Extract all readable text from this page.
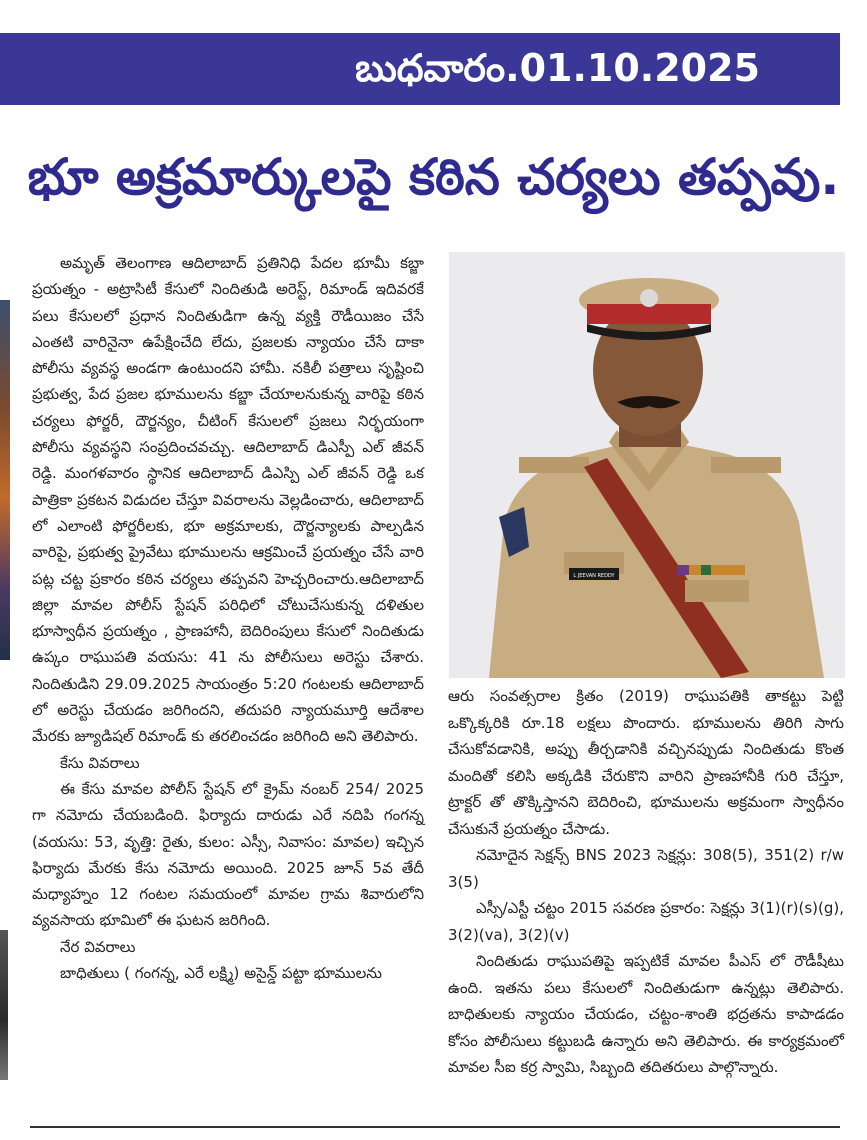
బుధవారం.01.10.2025
భూ అక్రమార్కులపై కఠిన చర్యలు తప్పవు.

అమృత్ తెలంగాణ ఆదిలాబాద్ ప్రతినిధి పేదల భూమీ కబ్జా ప్రయత్నం - అట్రాసిటీ కేసులో నిందితుడి అరెస్ట్, రిమాండ్ ఇదివరకే పలు కేసులలో ప్రధాన నిందితుడిగా ఉన్న వ్యక్తి రౌడీయిజం చేసే ఎంతటి వారినైనా ఉపేక్షించేది లేదు, ప్రజలకు న్యాయం చేసే దాకా పోలీసు వ్యవస్థ అండగా ఉంటుందని హామీ. నకిలీ పత్రాలు సృష్టించి ప్రభుత్వ, పేద ప్రజల భూములను కబ్జా చేయాలనుకున్న వారిపై కఠిన చర్యలు ఫోర్జరీ, దౌర్జన్యం, చీటింగ్ కేసులలో ప్రజలు నిర్భయంగా పోలీసు వ్యవస్థని సంప్రదించవచ్చు. ఆదిలాబాద్ డిఎస్పీ ఎల్ జీవన్ రెడ్డి. మంగళవారం స్థానిక ఆదిలాబాద్ డిఎస్పి ఎల్ జీవన్ రెడ్డి ఒక పాత్రికా ప్రకటన విడుదల చేస్తూ వివరాలను వెల్లడించారు, ఆదిలాబాద్ లో ఎలాంటి ఫోర్జరీలకు, భూ అక్రమాలకు, దౌర్జన్యాలకు పాల్పడిన వారిపై, ప్రభుత్వ ప్రైవేటు భూములను ఆక్రమించే ప్రయత్నం చేసే వారి పట్ల చట్ట ప్రకారం కఠిన చర్యలు తప్పవని హెచ్చరించారు.ఆదిలాబాద్ జిల్లా మావల పోలీస్ స్టేషన్ పరిధిలో చోటుచేసుకున్న దళితుల భూస్వాధీన ప్రయత్నం , ప్రాణహానీ, బెదిరింపులు కేసులో నిందితుడు ఉప్కం రాఘుపతి వయసు: 41 ను పోలీసులు అరెస్టు చేశారు. నిందితుడిని 29.09.2025 సాయంత్రం 5:20 గంటలకు ఆదిలాబాద్ లో అరెస్టు చేయడం జరిగిందని, తదుపరి న్యాయమూర్తి ఆదేశాల మేరకు జ్యూడిషల్ రిమాండ్ కు తరలించడం జరిగింది అని తెలిపారు.

కేసు వివరాలు

ఈ కేసు మావల పోలీస్ స్టేషన్ లో క్రైమ్ నంబర్ 254/ 2025 గా నమోదు చేయబడింది. ఫిర్యాదు దారుడు ఎరే నదిపి గంగన్న (వయసు: 53, వృత్తి: రైతు, కులం: ఎస్సీ, నివాసం: మావల) ఇచ్చిన ఫిర్యాదు మేరకు కేసు నమోదు అయింది. 2025 జూన్ 5వ తేదీ మధ్యాహ్నం 12 గంటల సమయంలో మావల గ్రామ శివారులోని వ్యవసాయ భూమిలో ఈ ఘటన జరిగింది.

నేర వివరాలు

బాధితులు ( గంగన్న, ఎరే లక్ష్మి) అసైన్డ్ పట్టా భూములను

L JEEVAN REDDY

ఆరు సంవత్సరాల క్రితం (2019) రాఘుపతికి తాకట్టు పెట్టి ఒక్కొక్కరికి రూ.18 లక్షలు పొందారు. భూములను తిరిగి సాగు చేసుకోవడానికి, అప్పు తీర్చడానికి వచ్చినప్పుడు నిందితుడు కొంత మందితో కలిసి అక్కడికి చేరుకొని వారిని ప్రాణహానీకి గురి చేస్తూ, ట్రాక్టర్ తో తొక్కిస్తానని బెదిరించి, భూములను అక్రమంగా స్వాధీనం చేసుకునే ప్రయత్నం చేసాడు.

నమోదైన సెక్షన్స్ BNS 2023 సెక్షన్లు: 308(5), 351(2) r/w 3(5)

ఎస్సీ/ఎస్టీ చట్టం 2015 సవరణ ప్రకారం: సెక్షన్లు 3(1)(r)(s)(g), 3(2)(va), 3(2)(v)

నిందితుడు రాఘుపతిపై ఇప్పటికే మావల పీఎస్ లో రౌడీషీటు ఉంది. ఇతను పలు కేసులలో నిందితుడుగా ఉన్నట్లు తెలిపారు. బాధితులకు న్యాయం చేయడం, చట్టం-శాంతి భద్రతను కాపాడడం కోసం పోలీసులు కట్టుబడి ఉన్నారు అని తెలిపారు. ఈ కార్యక్రమంలో మావల సీఐ కర్ర స్వామి, సిబ్బంది తదితరులు పాల్గొన్నారు.
